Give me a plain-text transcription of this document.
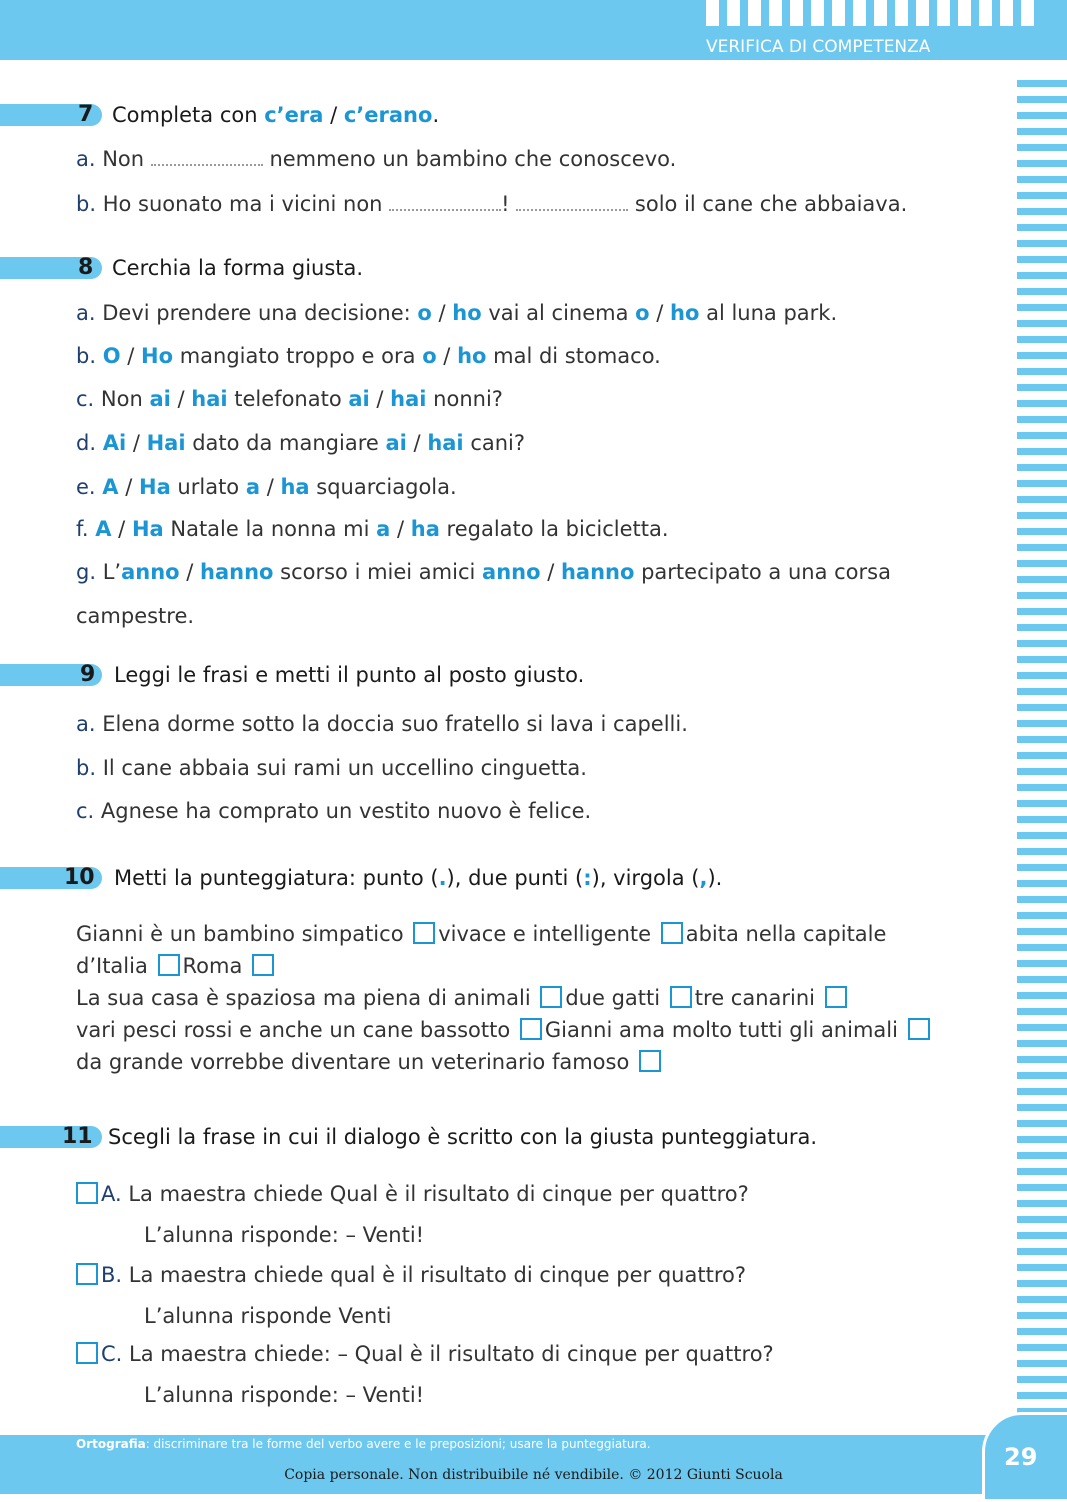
VERIFICA DI COMPETENZA
7 Completa con c’era / c’erano.
a. Non	nemmeno un bambino che conoscevo.
b. Ho suonato ma i vicini non	!	solo il cane che abbaiava.
8 Cerchia la forma giusta.
a. Devi prendere una decisione: o / ho vai al cinema o / ho al luna park.
b. O / Ho mangiato troppo e ora o / ho mal di stomaco.
c. Non ai / hai telefonato ai / hai nonni?
d. Ai / Hai dato da mangiare ai / hai cani?
e. A / Ha urlato a / ha squarciagola.
f. A / Ha Natale la nonna mi a / ha regalato la bicicletta.
g. L’anno / hanno scorso i miei amici anno / hanno partecipato a una corsa
campestre.
9 Leggi le frasi e metti il punto al posto giusto.
a. Elena dorme sotto la doccia suo fratello si lava i capelli.
b. Il cane abbaia sui rami un uccellino cinguetta.
c. Agnese ha comprato un vestito nuovo è felice.
10 Metti la punteggiatura: punto (.), due punti (:), virgola (,).
Gianni è un bambino simpatico vivace e intelligente abita nella capitale
d’Italia Roma
La sua casa è spaziosa ma piena di animali due gatti tre canarini
vari pesci rossi e anche un cane bassotto Gianni ama molto tutti gli animali
da grande vorrebbe diventare un veterinario famoso
11 Scegli la frase in cui il dialogo è scritto con la giusta punteggiatura.
A. La maestra chiede Qual è il risultato di cinque per quattro?
L’alunna risponde: – Venti!
B. La maestra chiede qual è il risultato di cinque per quattro?
L’alunna risponde Venti
C. La maestra chiede: – Qual è il risultato di cinque per quattro?
L’alunna risponde: – Venti!
Ortografia: discriminare tra le forme del verbo avere e le preposizioni; usare la punteggiatura.
Copia personale. Non distribuibile né vendibile. © 2012 Giunti Scuola
29
